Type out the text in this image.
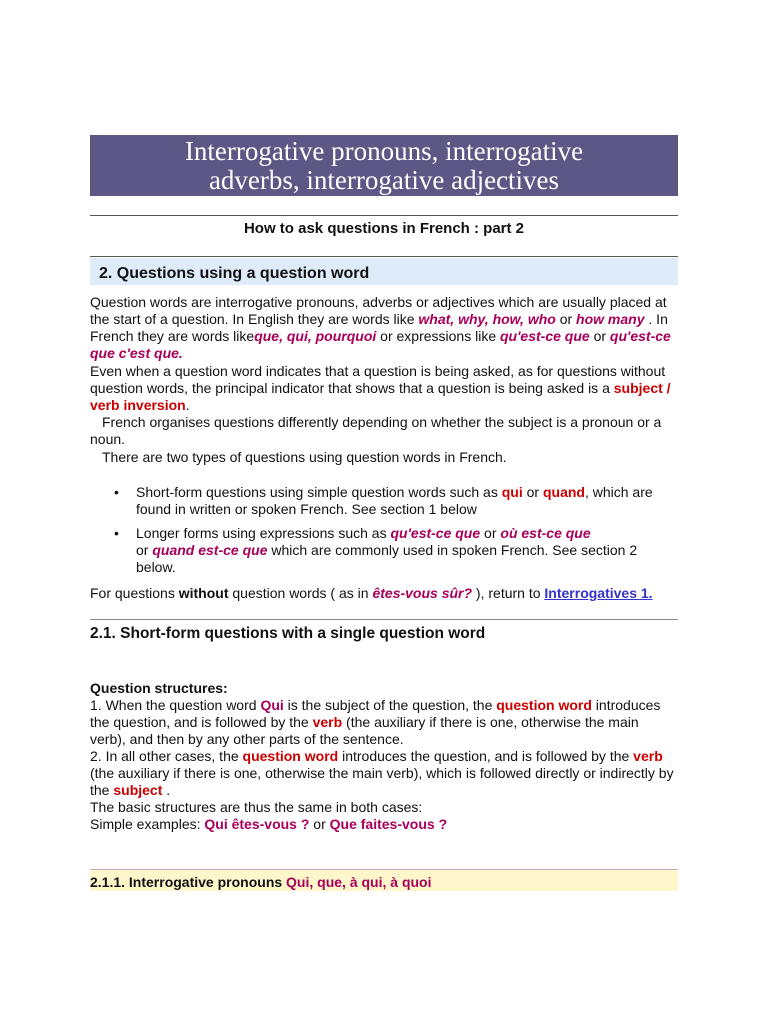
Interrogative pronouns, interrogative
adverbs, interrogative adjectives
How to ask questions in French : part 2
2. Questions using a question word
Question words are interrogative pronouns, adverbs or adjectives which are usually placed at the start of a question. In English they are words like what, why, how, who or how many . In French they are words likeque, qui, pourquoi or expressions like qu'est-ce que or qu'est-ce que c'est que.
Even when a question word indicates that a question is being asked, as for questions without question words, the principal indicator that shows that a question is being asked is a subject / verb inversion.
French organises questions differently depending on whether the subject is a pronoun or a noun.
There are two types of questions using question words in French.
• Short-form questions using simple question words such as qui or quand, which are found in written or spoken French. See section 1 below
• Longer forms using expressions such as qu'est-ce que or où est-ce que
or quand est-ce que which are commonly used in spoken French. See section 2 below.
For questions without question words ( as in êtes-vous sûr? ), return to Interrogatives 1.
2.1. Short-form questions with a single question word
Question structures:
1. When the question word Qui is the subject of the question, the question word introduces the question, and is followed by the verb (the auxiliary if there is one, otherwise the main verb), and then by any other parts of the sentence.
2. In all other cases, the question word introduces the question, and is followed by the verb (the auxiliary if there is one, otherwise the main verb), which is followed directly or indirectly by the subject .
The basic structures are thus the same in both cases:
Simple examples: Qui êtes-vous ? or Que faites-vous ?
2.1.1. Interrogative pronouns Qui, que, à qui, à quoi
